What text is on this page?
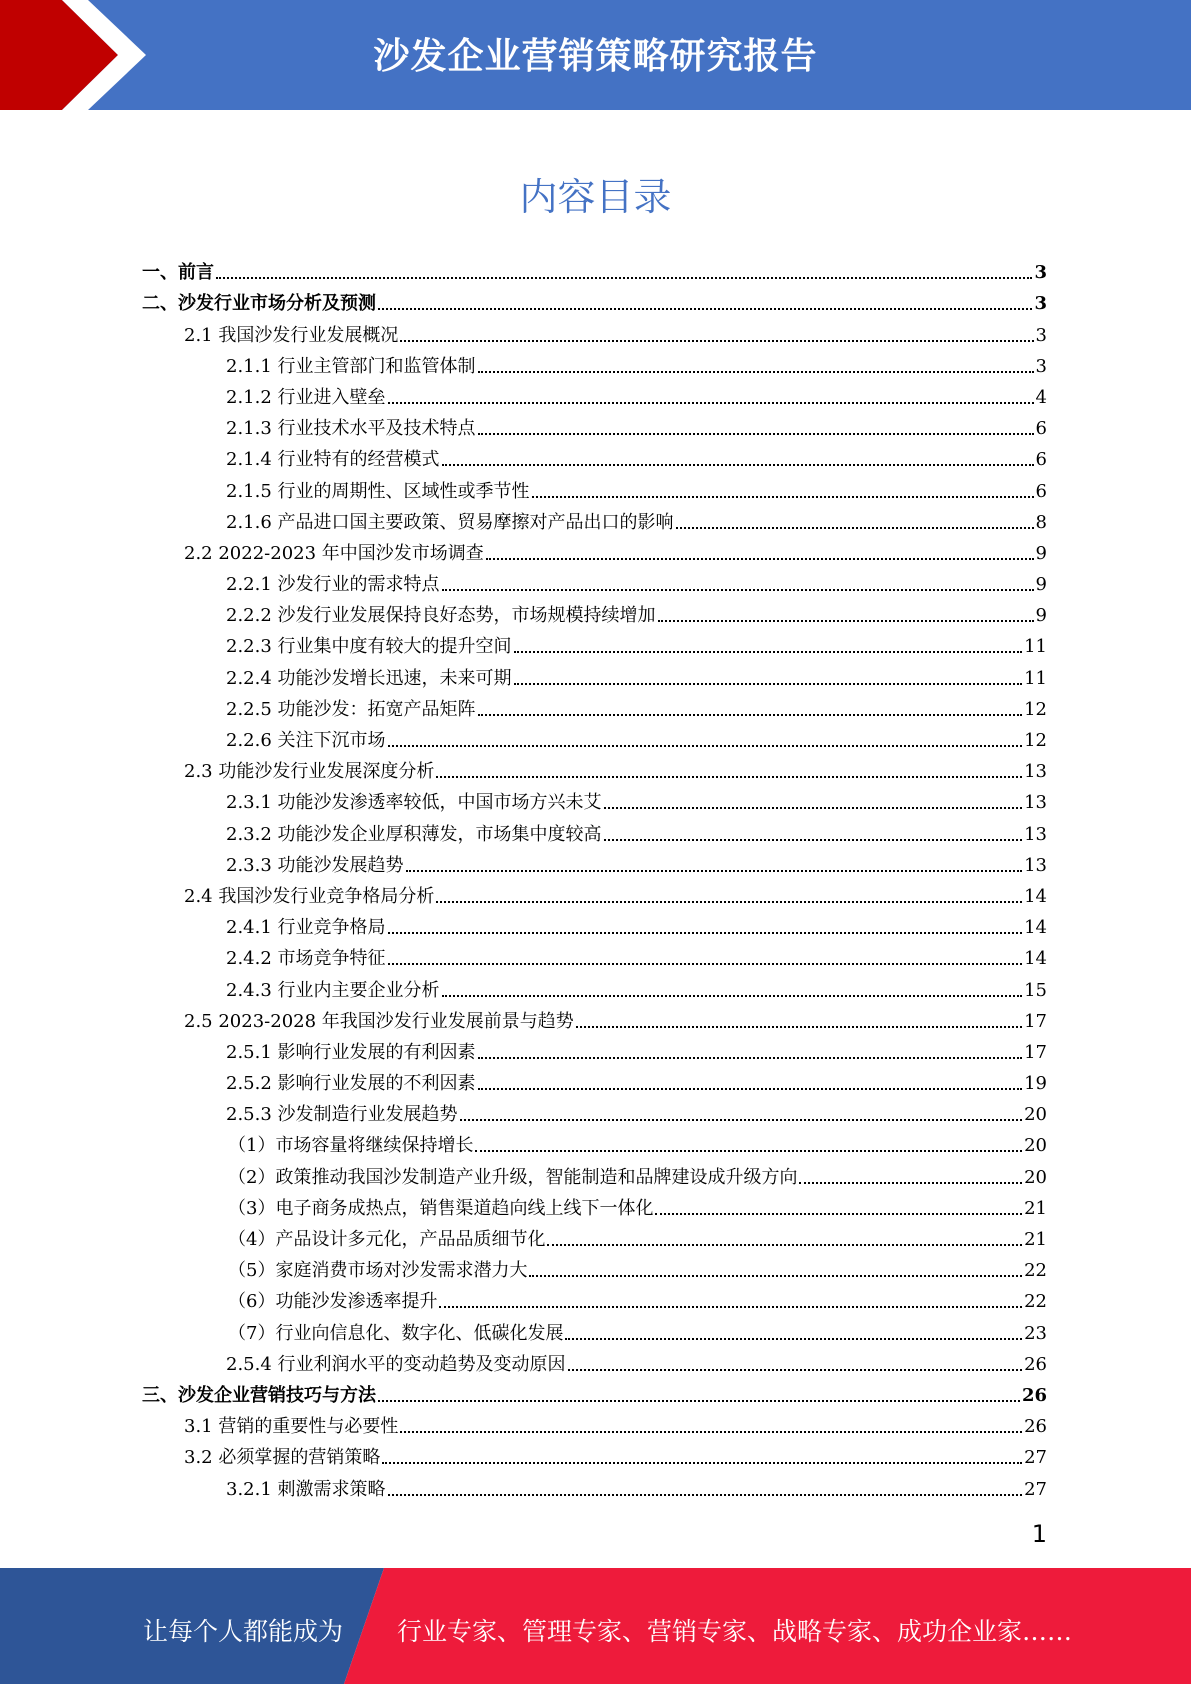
沙发企业营销策略研究报告
内容目录
一、前言	3
二、沙发行业市场分析及预测	3
2.1 我国沙发行业发展概况	3
2.1.1 行业主管部门和监管体制	3
2.1.2 行业进入壁垒	4
2.1.3 行业技术水平及技术特点	6
2.1.4 行业特有的经营模式	6
2.1.5 行业的周期性、区域性或季节性	6
2.1.6 产品进口国主要政策、贸易摩擦对产品出口的影响	8
2.2 2022-2023 年中国沙发市场调查	9
2.2.1 沙发行业的需求特点	9
2.2.2 沙发行业发展保持良好态势，市场规模持续增加	9
2.2.3 行业集中度有较大的提升空间	11
2.2.4 功能沙发增长迅速，未来可期	11
2.2.5 功能沙发：拓宽产品矩阵	12
2.2.6 关注下沉市场	12
2.3 功能沙发行业发展深度分析	13
2.3.1 功能沙发渗透率较低，中国市场方兴未艾	13
2.3.2 功能沙发企业厚积薄发，市场集中度较高	13
2.3.3 功能沙发展趋势	13
2.4 我国沙发行业竞争格局分析	14
2.4.1 行业竞争格局	14
2.4.2 市场竞争特征	14
2.4.3 行业内主要企业分析	15
2.5 2023-2028 年我国沙发行业发展前景与趋势	17
2.5.1 影响行业发展的有利因素	17
2.5.2 影响行业发展的不利因素	19
2.5.3 沙发制造行业发展趋势	20
（1）市场容量将继续保持增长	20
（2）政策推动我国沙发制造产业升级，智能制造和品牌建设成升级方向	20
（3）电子商务成热点，销售渠道趋向线上线下一体化	21
（4）产品设计多元化，产品品质细节化	21
（5）家庭消费市场对沙发需求潜力大	22
（6）功能沙发渗透率提升	22
（7）行业向信息化、数字化、低碳化发展	23
2.5.4 行业利润水平的变动趋势及变动原因	26
三、沙发企业营销技巧与方法	26
3.1 营销的重要性与必要性	26
3.2 必须掌握的营销策略	27
3.2.1 刺激需求策略	27
1
让每个人都能成为 行业专家、管理专家、营销专家、战略专家、成功企业家……
